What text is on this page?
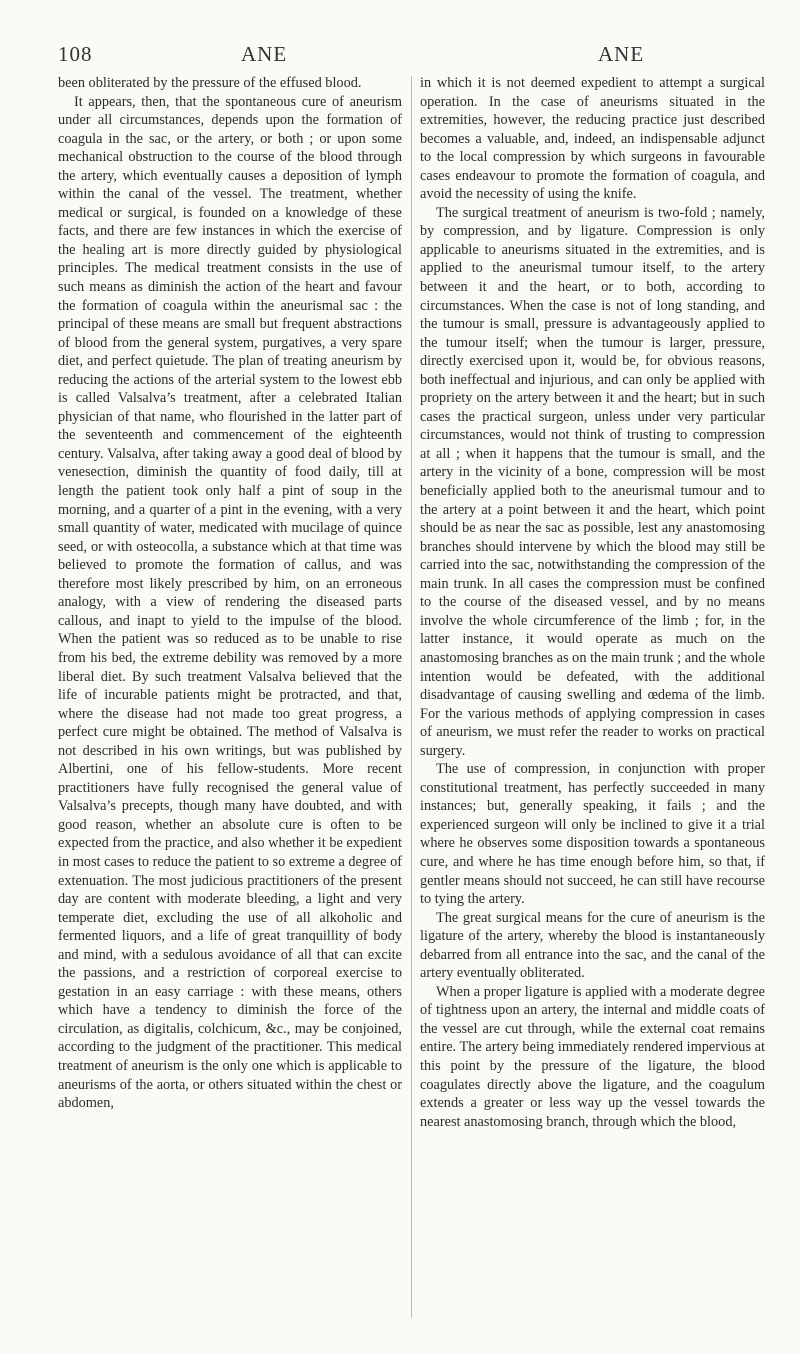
108	ANE	ANE

been obliterated by the pressure of the effused blood.

It appears, then, that the spontaneous cure of aneurism under all circumstances, depends upon the formation of coagula in the sac, or the artery, or both ; or upon some mechanical obstruction to the course of the blood through the artery, which eventually causes a deposition of lymph within the canal of the vessel. The treatment, whether medical or surgical, is founded on a knowledge of these facts, and there are few instances in which the exercise of the healing art is more directly guided by physiological principles. The medical treatment consists in the use of such means as diminish the action of the heart and favour the formation of coagula within the aneurismal sac : the principal of these means are small but frequent abstractions of blood from the general system, purgatives, a very spare diet, and perfect quietude. The plan of treating aneurism by reducing the actions of the arterial system to the lowest ebb is called Valsalva’s treatment, after a celebrated Italian physician of that name, who flourished in the latter part of the seventeenth and commencement of the eighteenth century. Valsalva, after taking away a good deal of blood by venesection, diminish the quantity of food daily, till at length the patient took only half a pint of soup in the morning, and a quarter of a pint in the evening, with a very small quantity of water, medicated with mucilage of quince seed, or with osteocolla, a substance which at that time was believed to promote the formation of callus, and was therefore most likely prescribed by him, on an erroneous analogy, with a view of rendering the diseased parts callous, and inapt to yield to the impulse of the blood. When the patient was so reduced as to be unable to rise from his bed, the extreme debility was removed by a more liberal diet. By such treatment Valsalva believed that the life of incurable patients might be protracted, and that, where the disease had not made too great progress, a perfect cure might be obtained. The method of Valsalva is not described in his own writings, but was published by Albertini, one of his fellow-students. More recent practitioners have fully recognised the general value of Valsalva’s precepts, though many have doubted, and with good reason, whether an absolute cure is often to be expected from the practice, and also whether it be expedient in most cases to reduce the patient to so extreme a degree of extenuation. The most judicious practitioners of the present day are content with moderate bleeding, a light and very temperate diet, excluding the use of all alkoholic and fermented liquors, and a life of great tranquillity of body and mind, with a sedulous avoidance of all that can excite the passions, and a restriction of corporeal exercise to gestation in an easy carriage : with these means, others which have a tendency to diminish the force of the circulation, as digitalis, colchicum, &c., may be conjoined, according to the judgment of the practitioner. This medical treatment of aneurism is the only one which is applicable to aneurisms of the aorta, or others situated within the chest or abdomen,

in which it is not deemed expedient to attempt a surgical operation. In the case of aneurisms situated in the extremities, however, the reducing practice just described becomes a valuable, and, indeed, an indispensable adjunct to the local compression by which surgeons in favourable cases endeavour to promote the formation of coagula, and avoid the necessity of using the knife.

The surgical treatment of aneurism is two-fold ; namely, by compression, and by ligature. Compression is only applicable to aneurisms situated in the extremities, and is applied to the aneurismal tumour itself, to the artery between it and the heart, or to both, according to circumstances. When the case is not of long standing, and the tumour is small, pressure is advantageously applied to the tumour itself; when the tumour is larger, pressure, directly exercised upon it, would be, for obvious reasons, both ineffectual and injurious, and can only be applied with propriety on the artery between it and the heart; but in such cases the practical surgeon, unless under very particular circumstances, would not think of trusting to compression at all ; when it happens that the tumour is small, and the artery in the vicinity of a bone, compression will be most beneficially applied both to the aneurismal tumour and to the artery at a point between it and the heart, which point should be as near the sac as possible, lest any anastomosing branches should intervene by which the blood may still be carried into the sac, notwithstanding the compression of the main trunk. In all cases the compression must be confined to the course of the diseased vessel, and by no means involve the whole circumference of the limb ; for, in the latter instance, it would operate as much on the anastomosing branches as on the main trunk ; and the whole intention would be defeated, with the additional disadvantage of causing swelling and œdema of the limb. For the various methods of applying compression in cases of aneurism, we must refer the reader to works on practical surgery.

The use of compression, in conjunction with proper constitutional treatment, has perfectly succeeded in many instances; but, generally speaking, it fails ; and the experienced surgeon will only be inclined to give it a trial where he observes some disposition towards a spontaneous cure, and where he has time enough before him, so that, if gentler means should not succeed, he can still have recourse to tying the artery.

The great surgical means for the cure of aneurism is the ligature of the artery, whereby the blood is instantaneously debarred from all entrance into the sac, and the canal of the artery eventually obliterated.

When a proper ligature is applied with a moderate degree of tightness upon an artery, the internal and middle coats of the vessel are cut through, while the external coat remains entire. The artery being immediately rendered impervious at this point by the pressure of the ligature, the blood coagulates directly above the ligature, and the coagulum extends a greater or less way up the vessel towards the nearest anastomosing branch, through which the blood,
